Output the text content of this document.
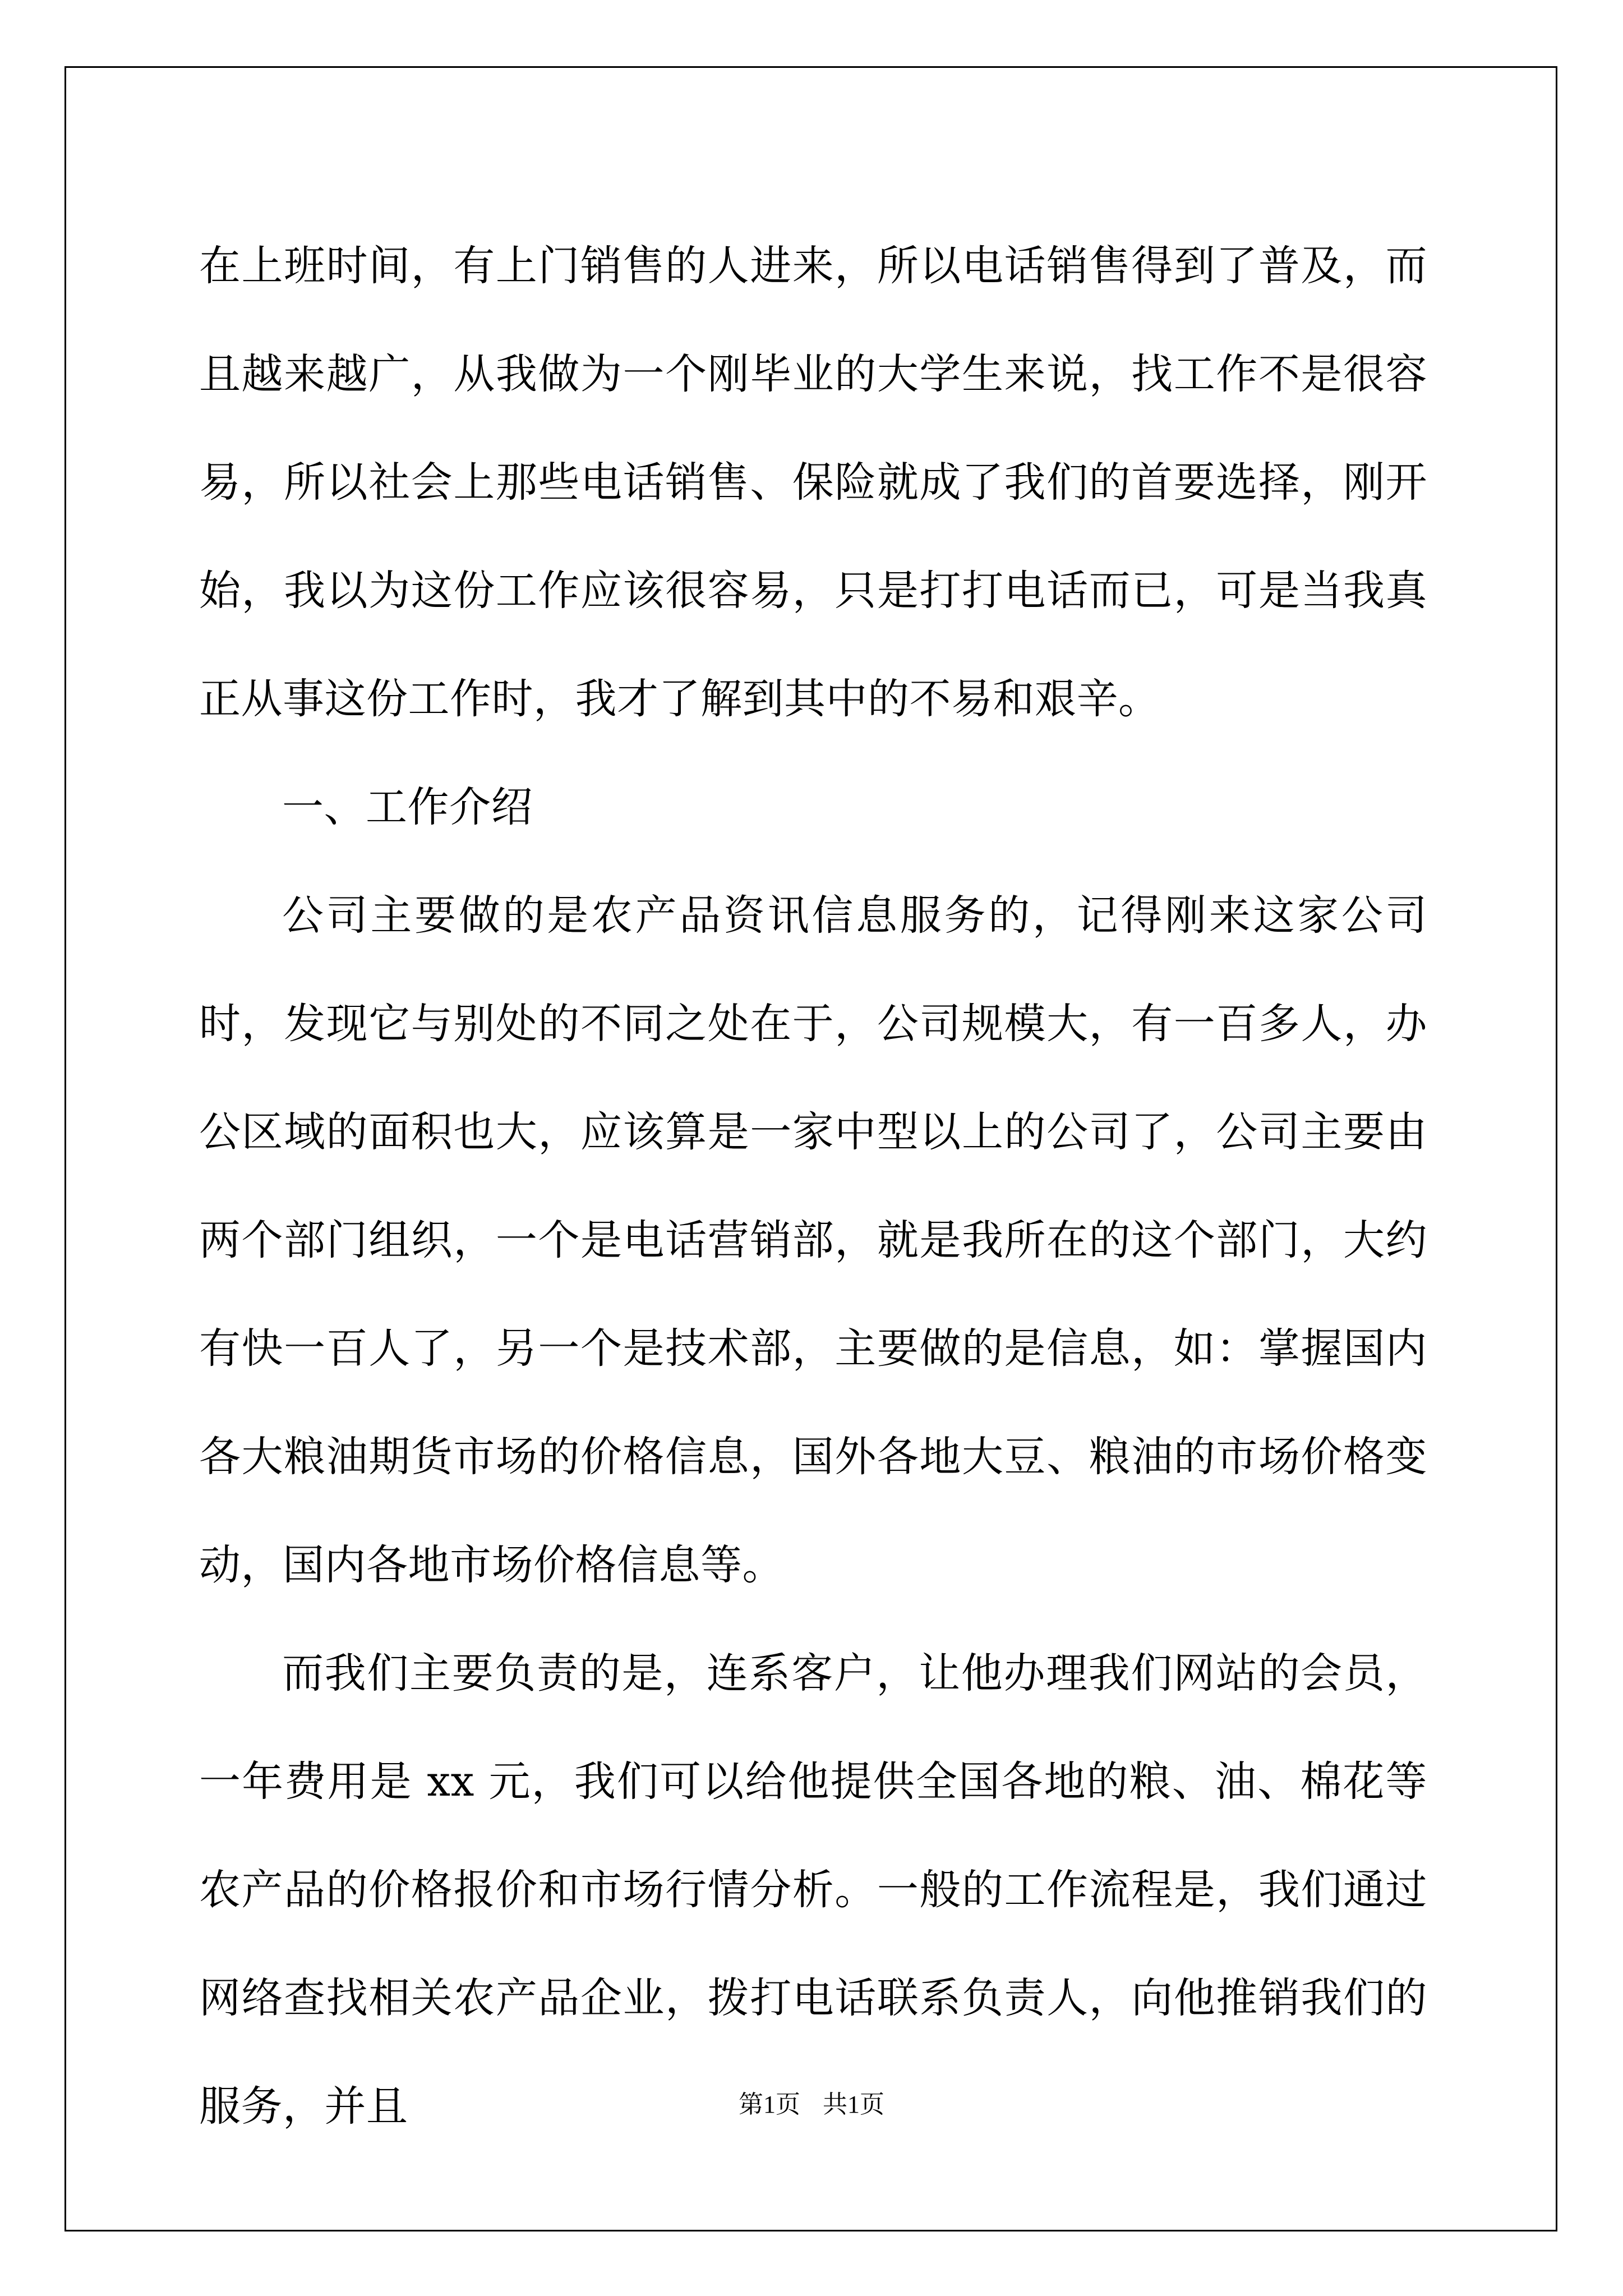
在上班时间，有上门销售的人进来，所以电话销售得到了普及，而且越来越广，从我做为一个刚毕业的大学生来说，找工作不是很容易，所以社会上那些电话销售、保险就成了我们的首要选择，刚开始，我以为这份工作应该很容易，只是打打电话而已，可是当我真正从事这份工作时，我才了解到其中的不易和艰辛。

一、工作介绍

公司主要做的是农产品资讯信息服务的，记得刚来这家公司时，发现它与别处的不同之处在于，公司规模大，有一百多人，办公区域的面积也大，应该算是一家中型以上的公司了，公司主要由两个部门组织，一个是电话营销部，就是我所在的这个部门，大约有快一百人了，另一个是技术部，主要做的是信息，如：掌握国内各大粮油期货市场的价格信息，国外各地大豆、粮油的市场价格变动，国内各地市场价格信息等。

而我们主要负责的是，连系客户，让他办理我们网站的会员，一年费用是 xx 元，我们可以给他提供全国各地的粮、油、棉花等农产品的价格报价和市场行情分析。一般的工作流程是，我们通过网络查找相关农产品企业，拨打电话联系负责人，向他推销我们的服务，并且	第1页 共1页
